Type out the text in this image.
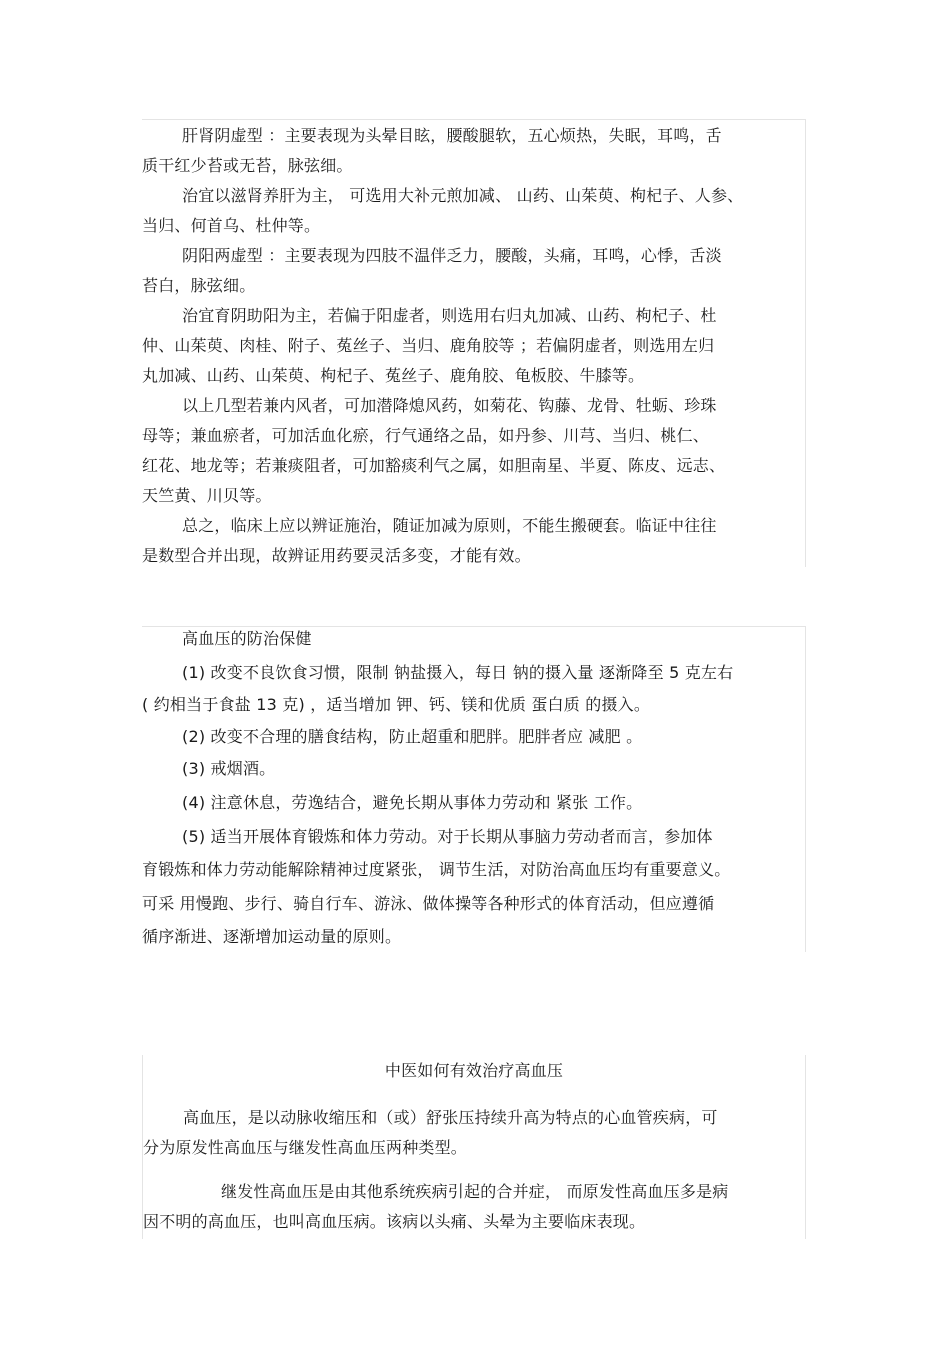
肝肾阴虚型 ：主要表现为头晕目眩，腰酸腿软，五心烦热，失眠，耳鸣，舌

质干红少苔或无苔，脉弦细。

治宜以滋肾养肝为主， 可选用大补元煎加减、 山药、山茱萸、枸杞子、人参、

当归、何首乌、杜仲等。

阴阳两虚型 ：主要表现为四肢不温伴乏力，腰酸，头痛，耳鸣，心悸，舌淡

苔白，脉弦细。

治宜育阴助阳为主，若偏于阳虚者，则选用右归丸加减、山药、枸杞子、杜

仲、山茱萸、肉桂、附子、菟丝子、当归、鹿角胶等 ；若偏阴虚者，则选用左归

丸加减、山药、山茱萸、枸杞子、菟丝子、鹿角胶、龟板胶、牛膝等。

以上几型若兼内风者，可加潜降熄风药，如菊花、钩藤、龙骨、牡蛎、珍珠

母等；兼血瘀者，可加活血化瘀，行气通络之品，如丹参、川芎、当归、桃仁、

红花、地龙等；若兼痰阻者，可加豁痰利气之属，如胆南星、半夏、陈皮、远志、

天竺黄、川贝等。

总之，临床上应以辨证施治，随证加减为原则，不能生搬硬套。临证中往往

是数型合并出现，故辨证用药要灵活多变，才能有效。

高血压的防治保健

(1) 改变不良饮食习惯，限制 钠盐摄入，每日 钠的摄入量 逐渐降至 5 克左右

( 约相当于食盐 13 克) ，适当增加 钾、钙、镁和优质 蛋白质 的摄入。

(2) 改变不合理的膳食结构，防止超重和肥胖。肥胖者应 减肥 。

(3) 戒烟酒。

(4) 注意休息，劳逸结合，避免长期从事体力劳动和 紧张 工作。

(5) 适当开展体育锻炼和体力劳动。对于长期从事脑力劳动者而言，参加体

育锻炼和体力劳动能解除精神过度紧张， 调节生活，对防治高血压均有重要意义。

可采 用慢跑、步行、骑自行车、游泳、做体操等各种形式的体育活动，但应遵循

循序渐进、逐渐增加运动量的原则。

中医如何有效治疗高血压

高血压，是以动脉收缩压和（或）舒张压持续升高为特点的心血管疾病，可

分为原发性高血压与继发性高血压两种类型。

继发性高血压是由其他系统疾病引起的合并症， 而原发性高血压多是病

因不明的高血压，也叫高血压病。该病以头痛、头晕为主要临床表现。
